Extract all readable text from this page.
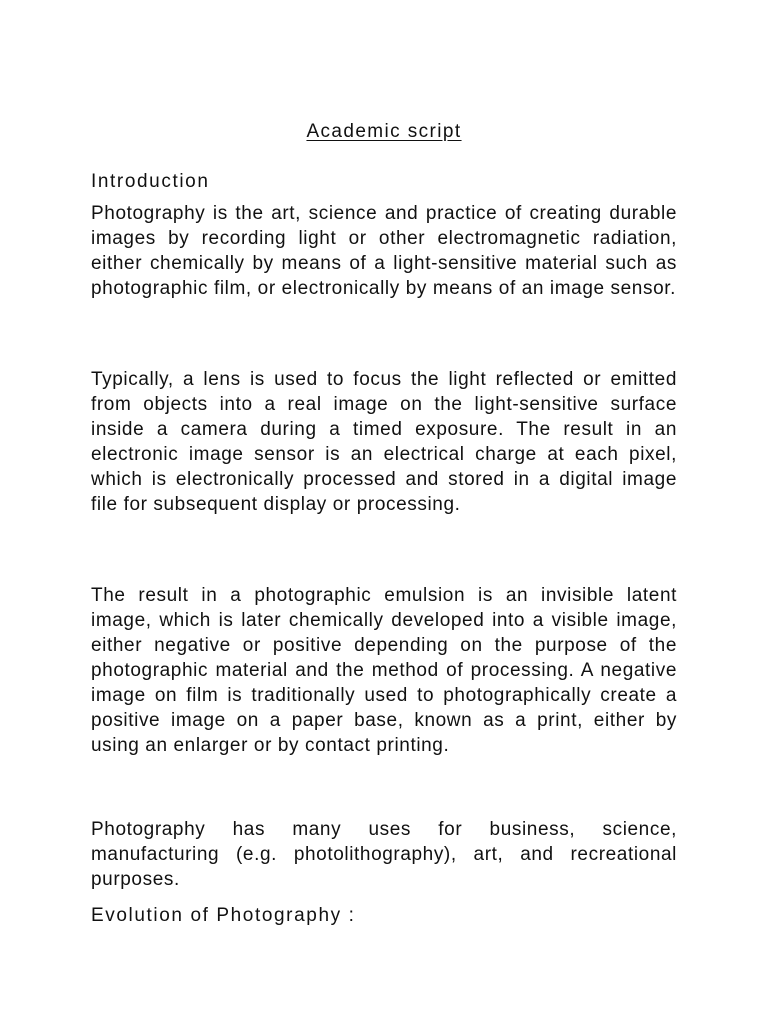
Academic script
Introduction
Photography is the art, science and practice of creating durable images by recording light or other electromagnetic radiation, either chemically by means of a light-sensitive material such as photographic film, or electronically by means of an image sensor.
Typically, a lens is used to focus the light reflected or emitted from objects into a real image on the light-sensitive surface inside a camera during a timed exposure. The result in an electronic image sensor is an electrical charge at each pixel, which is electronically processed and stored in a digital image file for subsequent display or processing.
The result in a photographic emulsion is an invisible latent image, which is later chemically developed into a visible image, either negative or positive depending on the purpose of the photographic material and the method of processing. A negative image on film is traditionally used to photographically create a positive image on a paper base, known as a print, either by using an enlarger or by contact printing.
Photography has many uses for business, science, manufacturing (e.g. photolithography), art, and recreational purposes.
Evolution of Photography :
